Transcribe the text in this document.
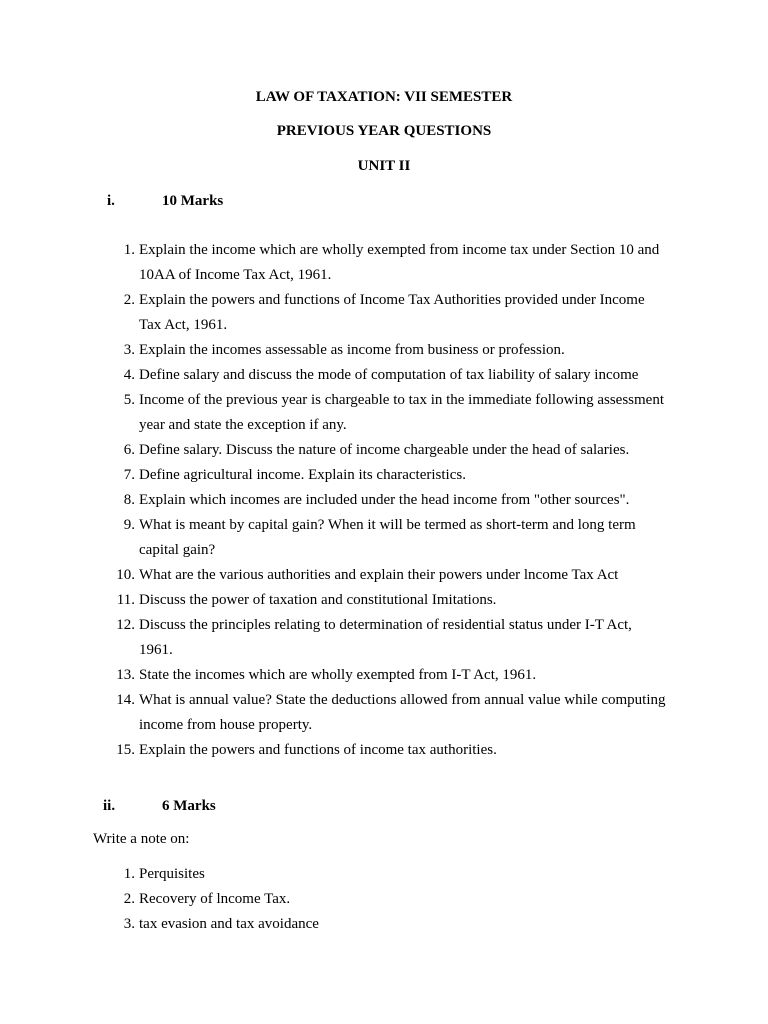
LAW OF TAXATION: VII SEMESTER
PREVIOUS YEAR QUESTIONS
UNIT II
i.	10 Marks
1. Explain the income which are wholly exempted from income tax under Section 10 and 10AA of Income Tax Act, 1961.
2. Explain the powers and functions of Income Tax Authorities provided under Income Tax Act, 1961.
3. Explain the incomes assessable as income from business or profession.
4. Define salary and discuss the mode of computation of tax liability of salary income
5. Income of the previous year is chargeable to tax in the immediate following assessment year and state the exception if any.
6. Define salary. Discuss the nature of income chargeable under the head of salaries.
7. Define agricultural income. Explain its characteristics.
8. Explain which incomes are included under the head income from "other sources".
9. What is meant by capital gain? When it will be termed as short-term and long term capital gain?
10. What are the various authorities and explain their powers under lncome Tax Act
11. Discuss the power of taxation and constitutional Imitations.
12. Discuss the principles relating to determination of residential status under I-T Act, 1961.
13. State the incomes which are wholly exempted from I-T Act, 1961.
14. What is annual value? State the deductions allowed from annual value while computing income from house property.
15. Explain the powers and functions of income tax authorities.
ii.	6 Marks
Write a note on:
1. Perquisites
2. Recovery of lncome Tax.
3. tax evasion and tax avoidance
